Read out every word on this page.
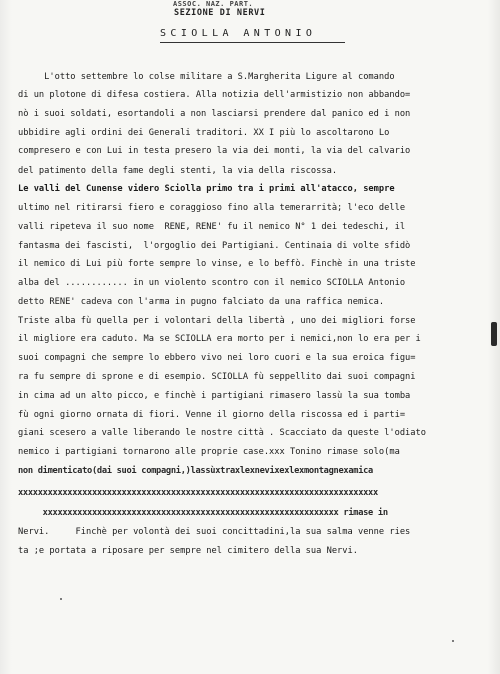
ASSOC. NAZ. PART.
SEZIONE DI NERVI
SCIOLLA ANTONIO
L'otto settembre lo colse militare a S.Margherita Ligure al comando
di un plotone di difesa costiera. Alla notizia dell'armistizio non abbando=
nò i suoi soldati, esortandoli a non lasciarsi prendere dal panico ed i non
ubbidire agli ordini dei Generali traditori. XX I più lo ascoltarono Lo
compresero e con Lui in testa presero la via dei monti, la via del calvario
del patimento della fame degli stenti, la via della riscossa.
Le valli del Cunense videro Sciolla primo tra i primi all'atacco, sempre
ultimo nel ritirarsi fiero e coraggioso fino alla temerarrità; l'eco delle
valli ripeteva il suo nome  RENE, RENE' fu il nemico N° 1 dei tedeschi, il
fantasma dei fascisti,  l'orgoglio dei Partigiani. Centinaia di volte sfidò
il nemico di Lui più forte sempre lo vinse, e lo beffò. Finchè in una triste
alba del ............ in un violento scontro con il nemico SCIOLLA Antonio
detto RENE' cadeva con l'arma in pugno falciato da una raffica nemica.
Triste alba fù quella per i volontari della libertà , uno dei migliori forse
il migliore era caduto. Ma se SCIOLLA era morto per i nemici,non lo era per i
suoi compagni che sempre lo ebbero vivo nei loro cuori e la sua eroica figu=
ra fu sempre di sprone e di esempio. SCIOLLA fù seppellito dai suoi compagni
in cima ad un alto picco, e finchè i partigiani rimasero lassù la sua tomba
fù ogni giorno ornata di fiori. Venne il giorno della riscossa ed i parti=
giani scesero a valle liberando le nostre città . Scacciato da queste l'odiato
nemico i partigiani tornarono alle proprie case.xxx Tonino rimase solo(ma
non dimenticato(dai suoi compagni,)lassùxtraxlexnevixexlexmontagnexamica
xxxxxxxxxxxxxxxxxxxxxxxxxxxxxxxxxxxxxxxxxxxxxxxxxxxxxxxxxxxxxxxxxxxxxxxxx
xxxxxxxxxxxxxxxxxxxxxxxxxxxxxxxxxxxxxxxxxxxxxxxxxxxxxxxxxxxx rimase in
Nervi.     Finchè per volontà dei suoi concittadini,la sua salma venne ries
ta ;e portata a riposare per sempre nel cimitero della sua Nervi.
